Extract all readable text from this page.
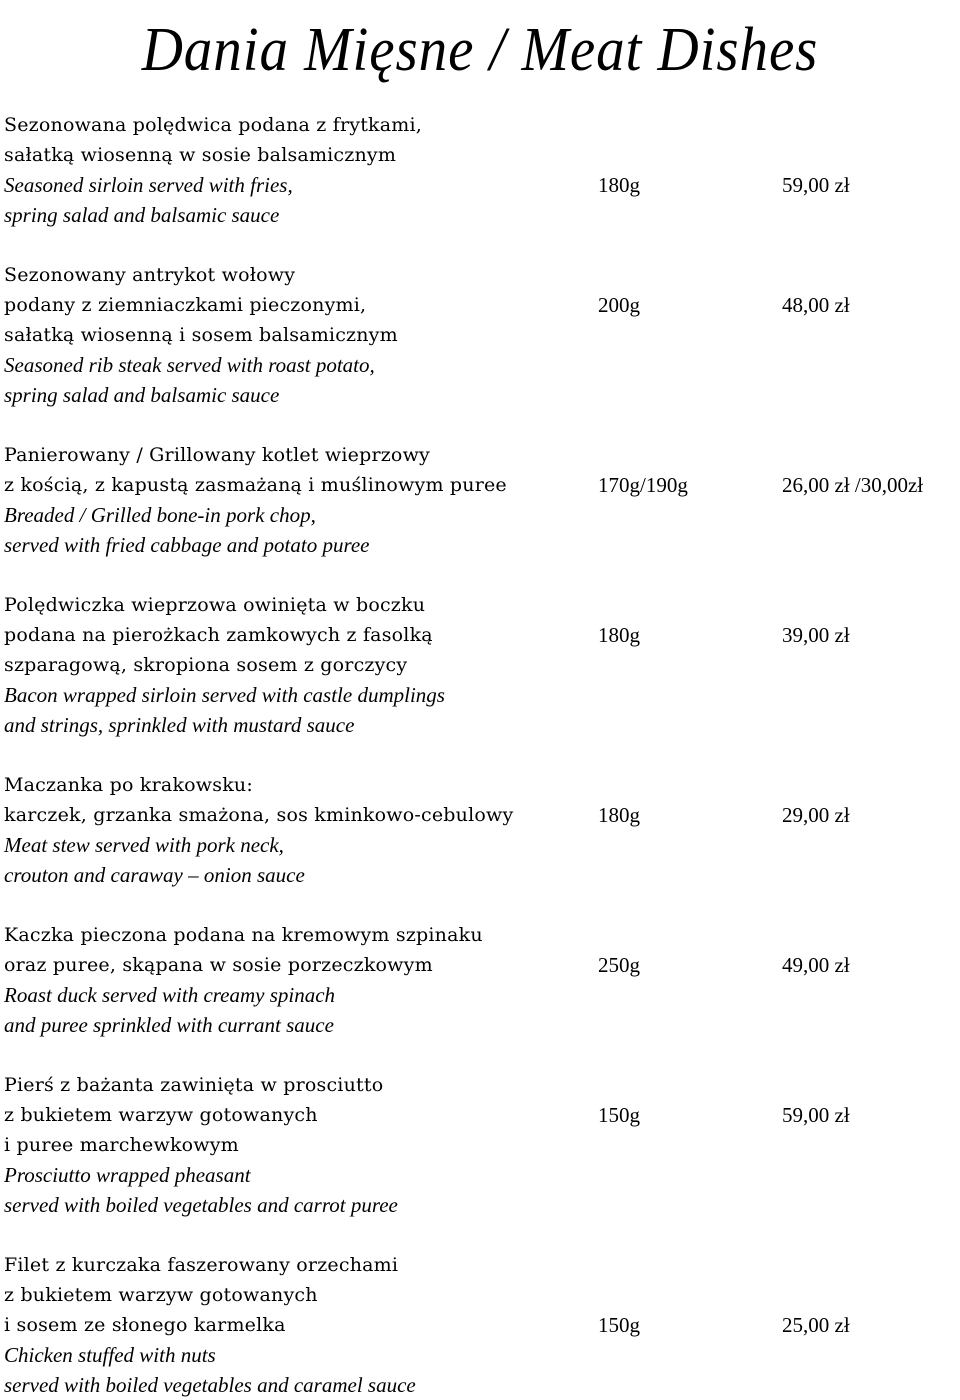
Dania Mięsne / Meat Dishes
Sezonowana polędwica podana z frytkami,
sałatką wiosenną w sosie balsamicznym
Seasoned sirloin served with fries,
spring salad and balsamic sauce
180g	59,00 zł
Sezonowany antrykot wołowy
podany z ziemniaczkami pieczonymi,
sałatką wiosenną i sosem balsamicznym
Seasoned rib steak served with roast potato,
spring salad and balsamic sauce
200g	48,00 zł
Panierowany / Grillowany kotlet wieprzowy
z kością, z kapustą zasmażaną i muślinowym puree
Breaded / Grilled bone-in pork chop,
served with fried cabbage and potato puree
170g/190g	26,00 zł /30,00zł
Polędwiczka wieprzowa owinięta w boczku
podana na pierożkach zamkowych z fasolką
szparagową, skropiona sosem z gorczycy
Bacon wrapped sirloin served with castle dumplings
and strings, sprinkled with mustard sauce
180g	39,00 zł
Maczanka po krakowsku:
karczek, grzanka smażona, sos kminkowo-cebulowy
Meat stew served with pork neck,
crouton and caraway – onion sauce
180g	29,00 zł
Kaczka pieczona podana na kremowym szpinaku
oraz puree, skąpana w sosie porzeczkowym
Roast duck served with creamy spinach
and puree sprinkled with currant sauce
250g	49,00 zł
Pierś z bażanta zawinięta w prosciutto
z bukietem warzyw gotowanych
i puree marchewkowym
Prosciutto wrapped pheasant
served with boiled vegetables and carrot puree
150g	59,00 zł
Filet z kurczaka faszerowany orzechami
z bukietem warzyw gotowanych
i sosem ze słonego karmelka
Chicken stuffed with nuts
served with boiled vegetables and caramel sauce
150g	25,00 zł
